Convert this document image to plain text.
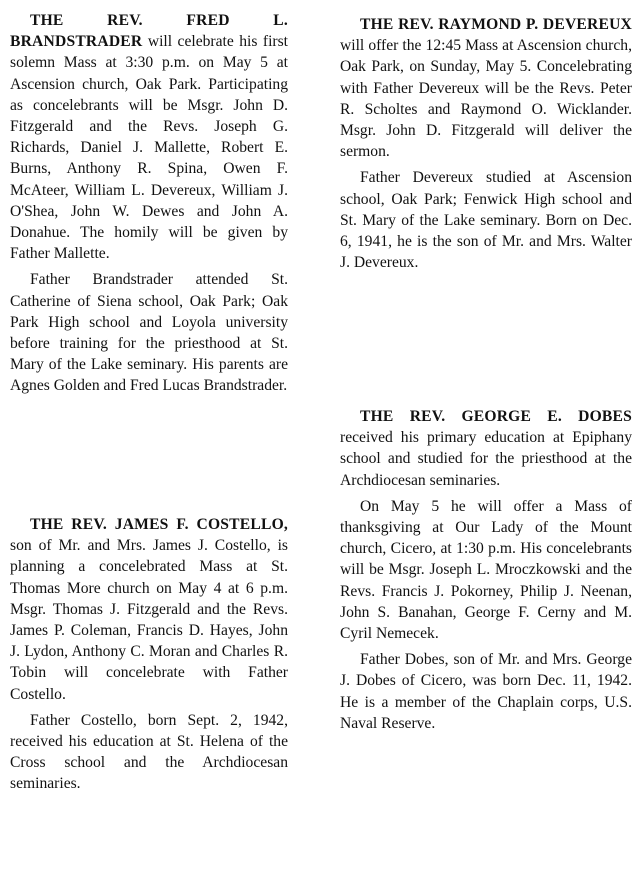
THE REV. FRED L. BRANDSTRADER will celebrate his first solemn Mass at 3:30 p.m. on May 5 at Ascension church, Oak Park. Participating as concelebrants will be Msgr. John D. Fitzgerald and the Revs. Joseph G. Richards, Daniel J. Mallette, Robert E. Burns, Anthony R. Spina, Owen F. McAteer, William L. Devereux, William J. O'Shea, John W. Dewes and John A. Donahue. The homily will be given by Father Mallette.

Father Brandstrader attended St. Catherine of Siena school, Oak Park; Oak Park High school and Loyola university before training for the priesthood at St. Mary of the Lake seminary. His parents are Agnes Golden and Fred Lucas Brandstrader.

THE REV. JAMES F. COSTELLO, son of Mr. and Mrs. James J. Costello, is planning a concelebrated Mass at St. Thomas More church on May 4 at 6 p.m. Msgr. Thomas J. Fitzgerald and the Revs. James P. Coleman, Francis D. Hayes, John J. Lydon, Anthony C. Moran and Charles R. Tobin will concelebrate with Father Costello.

Father Costello, born Sept. 2, 1942, received his education at St. Helena of the Cross school and the Archdiocesan seminaries.

THE REV. RAYMOND P. DEVEREUX will offer the 12:45 Mass at Ascension church, Oak Park, on Sunday, May 5. Concelebrating with Father Devereux will be the Revs. Peter R. Scholtes and Raymond O. Wicklander. Msgr. John D. Fitzgerald will deliver the sermon.

Father Devereux studied at Ascension school, Oak Park; Fenwick High school and St. Mary of the Lake seminary. Born on Dec. 6, 1941, he is the son of Mr. and Mrs. Walter J. Devereux.

THE REV. GEORGE E. DOBES received his primary education at Epiphany school and studied for the priesthood at the Archdiocesan seminaries.

On May 5 he will offer a Mass of thanksgiving at Our Lady of the Mount church, Cicero, at 1:30 p.m. His concelebrants will be Msgr. Joseph L. Mroczkowski and the Revs. Francis J. Pokorney, Philip J. Neenan, John S. Banahan, George F. Cerny and M. Cyril Nemecek.

Father Dobes, son of Mr. and Mrs. George J. Dobes of Cicero, was born Dec. 11, 1942. He is a member of the Chaplain corps, U.S. Naval Reserve.
